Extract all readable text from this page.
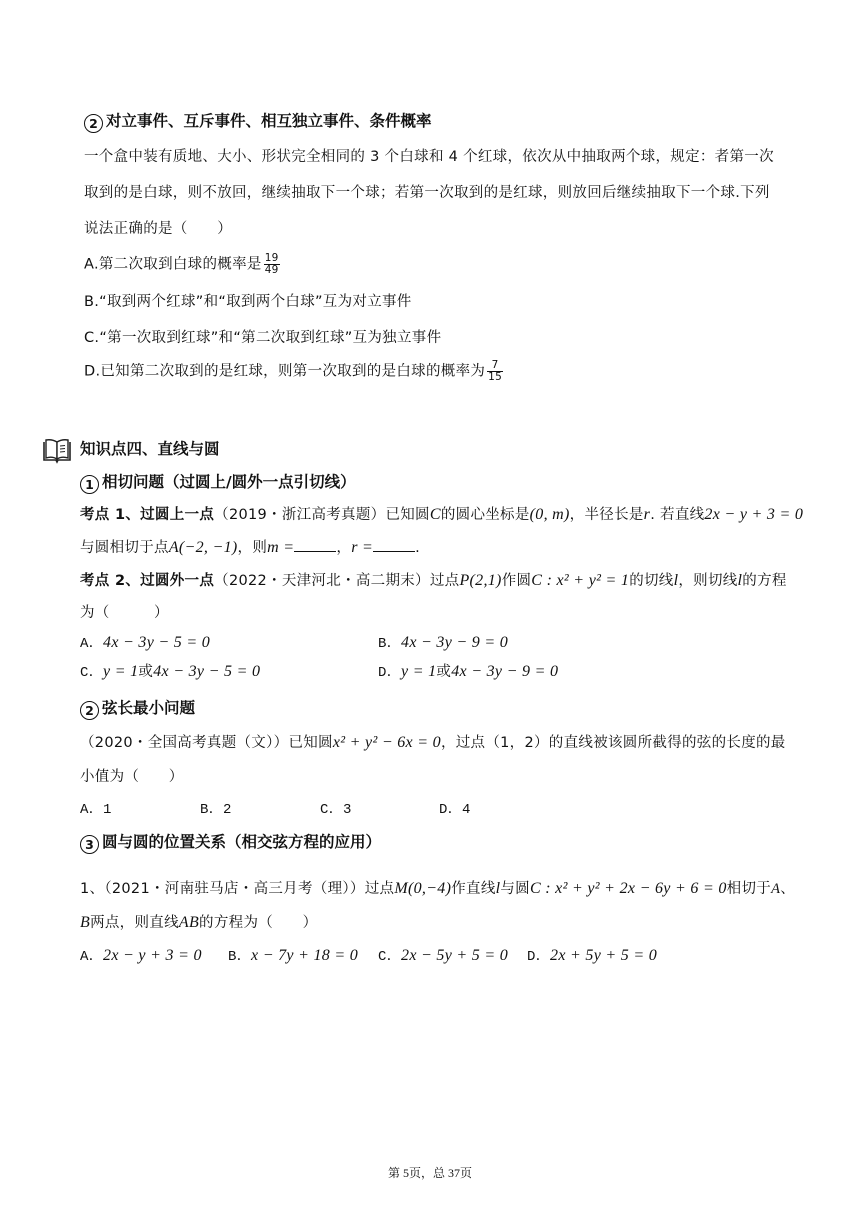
2 对立事件、互斥事件、相互独立事件、条件概率
一个盒中装有质地、大小、形状完全相同的 3 个白球和 4 个红球，依次从中抽取两个球，规定：者第一次
取到的是白球，则不放回，继续抽取下一个球；若第一次取到的是红球，则放回后继续抽取下一个球.下列
说法正确的是（　　）
A.第二次取到白球的概率是 $\frac{19}{49}$
B.“取到两个红球”和“取到两个白球”互为对立事件
C.“第一次取到红球”和“第二次取到红球”互为独立事件
D.已知第二次取到的是红球，则第一次取到的是白球的概率为 $\frac{7}{15}$
知识点四、直线与圆
1 相切问题（过圆上/圆外一点引切线）
考点 1、过圆上一点（2019・浙江高考真题）已知圆C的圆心坐标是(0, m)，半径长是r. 若直线2x − y + 3 = 0
与圆相切于点A(−2, −1)，则m =	，r =	.
考点 2、过圆外一点（2022・天津河北・高二期末）过点P(2,1)作圆C : x² + y² = 1的切线l，则切线l的方程
为（　　　）
A．4x − 3y − 5 = 0	B．4x − 3y − 9 = 0
C．y = 1或4x − 3y − 5 = 0	D．y = 1或4x − 3y − 9 = 0
2 弦长最小问题
（2020・全国高考真题（文））已知圆x² + y² − 6x = 0，过点（1，2）的直线被该圆所截得的弦的长度的最
小值为（　　）
A．1	B．2	C．3	D．4
3 圆与圆的位置关系（相交弦方程的应用）
1、（2021・河南驻马店・高三月考（理））过点M(0,−4)作直线l与圆C : x² + y² + 2x − 6y + 6 = 0相切于A、
B两点，则直线AB的方程为（　　）
A．2x − y + 3 = 0 B．x − 7y + 18 = 0 C．2x − 5y + 5 = 0 D．2x + 5y + 5 = 0
第 5页，总 37页
